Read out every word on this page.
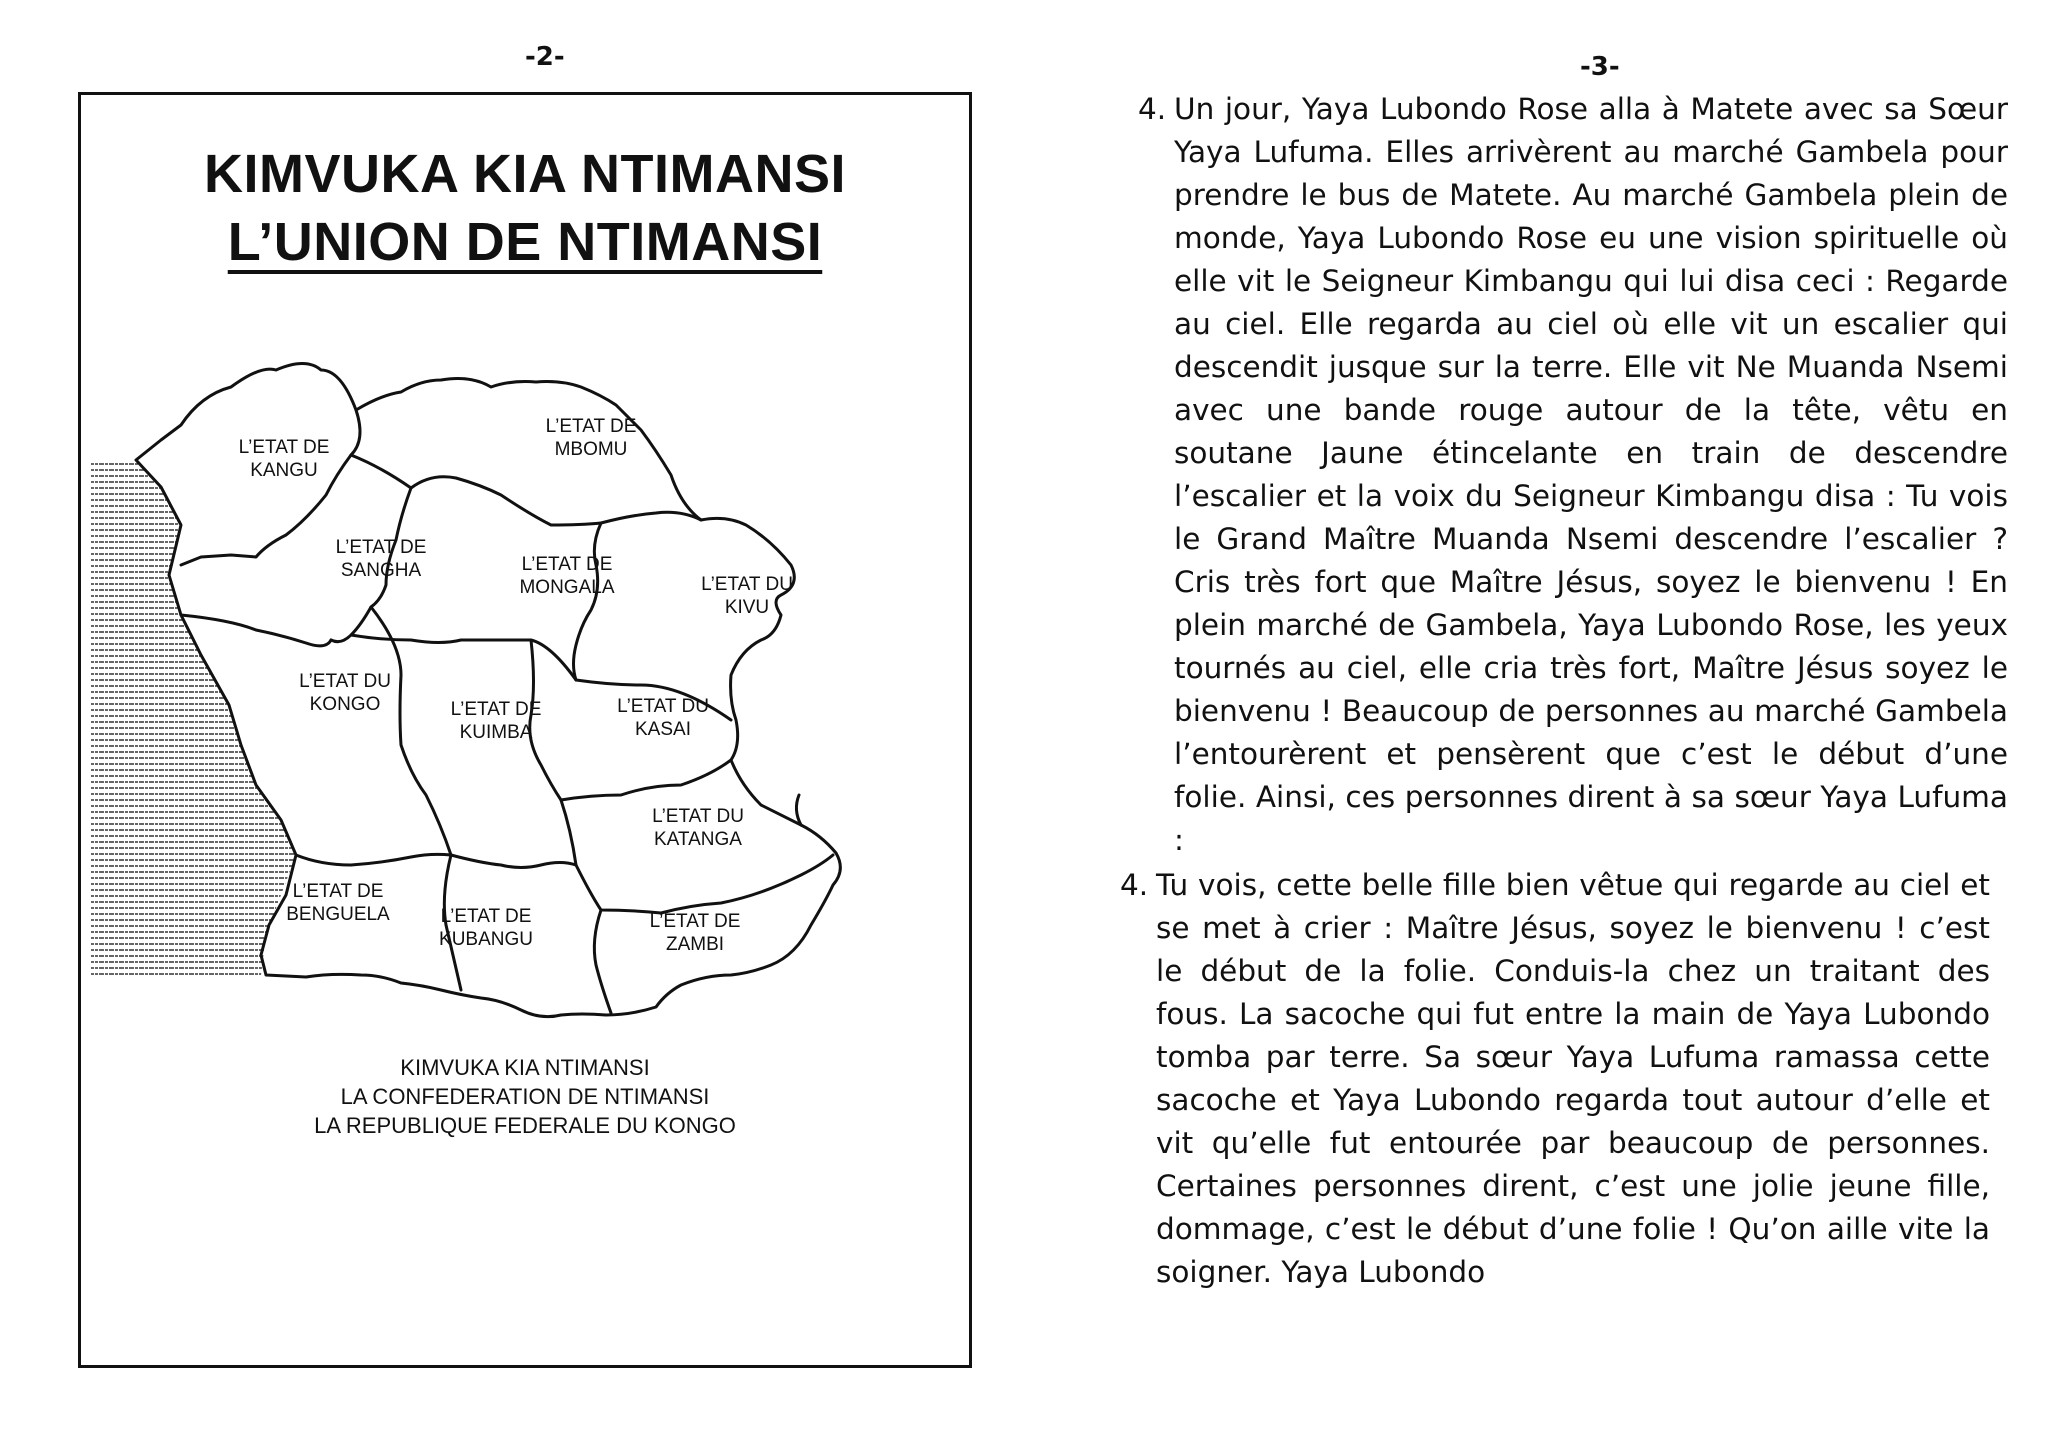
-2-	-3-
KIMVUKA KIA NTIMANSI
L’UNION DE NTIMANSI
L’ETAT DE KANGU
L’ETAT DE MBOMU
L’ETAT DE SANGHA	L’ETAT DE MONGALA	L’ETAT DU KIVU
L’ETAT DU KONGO	L’ETAT DE KUIMBA
L’ETAT DU KASAI
L’ETAT DU KATANGA
L’ETAT DE BENGUELA	L’ETAT DE KUBANGU
L’ETAT DE ZAMBI
KIMVUKA KIA NTIMANSI
LA CONFEDERATION DE NTIMANSI
LA REPUBLIQUE FEDERALE DU KONGO

4. Un jour, Yaya Lubondo Rose alla à Matete avec sa Sœur Yaya Lufuma. Elles arrivèrent au marché Gambela pour prendre le bus de Matete. Au marché Gambela plein de monde, Yaya Lubondo Rose eu une vision spirituelle où elle vit le Seigneur Kimbangu qui lui disa ceci : Regarde au ciel. Elle regarda au ciel où elle vit un escalier qui descendit jusque sur la terre. Elle vit Ne Muanda Nsemi avec une bande rouge autour de la tête, vêtu en soutane Jaune étincelante en train de descendre l’escalier et la voix du Seigneur Kimbangu disa : Tu vois le Grand Maître Muanda Nsemi descendre l’escalier ? Cris très fort que Maître Jésus, soyez le bienvenu ! En plein marché de Gambela, Yaya Lubondo Rose, les yeux tournés au ciel, elle cria très fort, Maître Jésus soyez le bienvenu ! Beaucoup de personnes au marché Gambela l’entourèrent et pensèrent que c’est le début d’une folie. Ainsi, ces personnes dirent à sa sœur Yaya Lufuma :

4. Tu vois, cette belle fille bien vêtue qui regarde au ciel et se met à crier : Maître Jésus, soyez le bienvenu ! c’est le début de la folie. Conduis-la chez un traitant des fous. La sacoche qui fut entre la main de Yaya Lubondo tomba par terre. Sa sœur Yaya Lufuma ramassa cette sacoche et Yaya Lubondo regarda tout autour d’elle et vit qu’elle fut entourée par beaucoup de personnes. Certaines personnes dirent, c’est une jolie jeune fille, dommage, c’est le début d’une folie ! Qu’on aille vite la soigner. Yaya Lubondo
